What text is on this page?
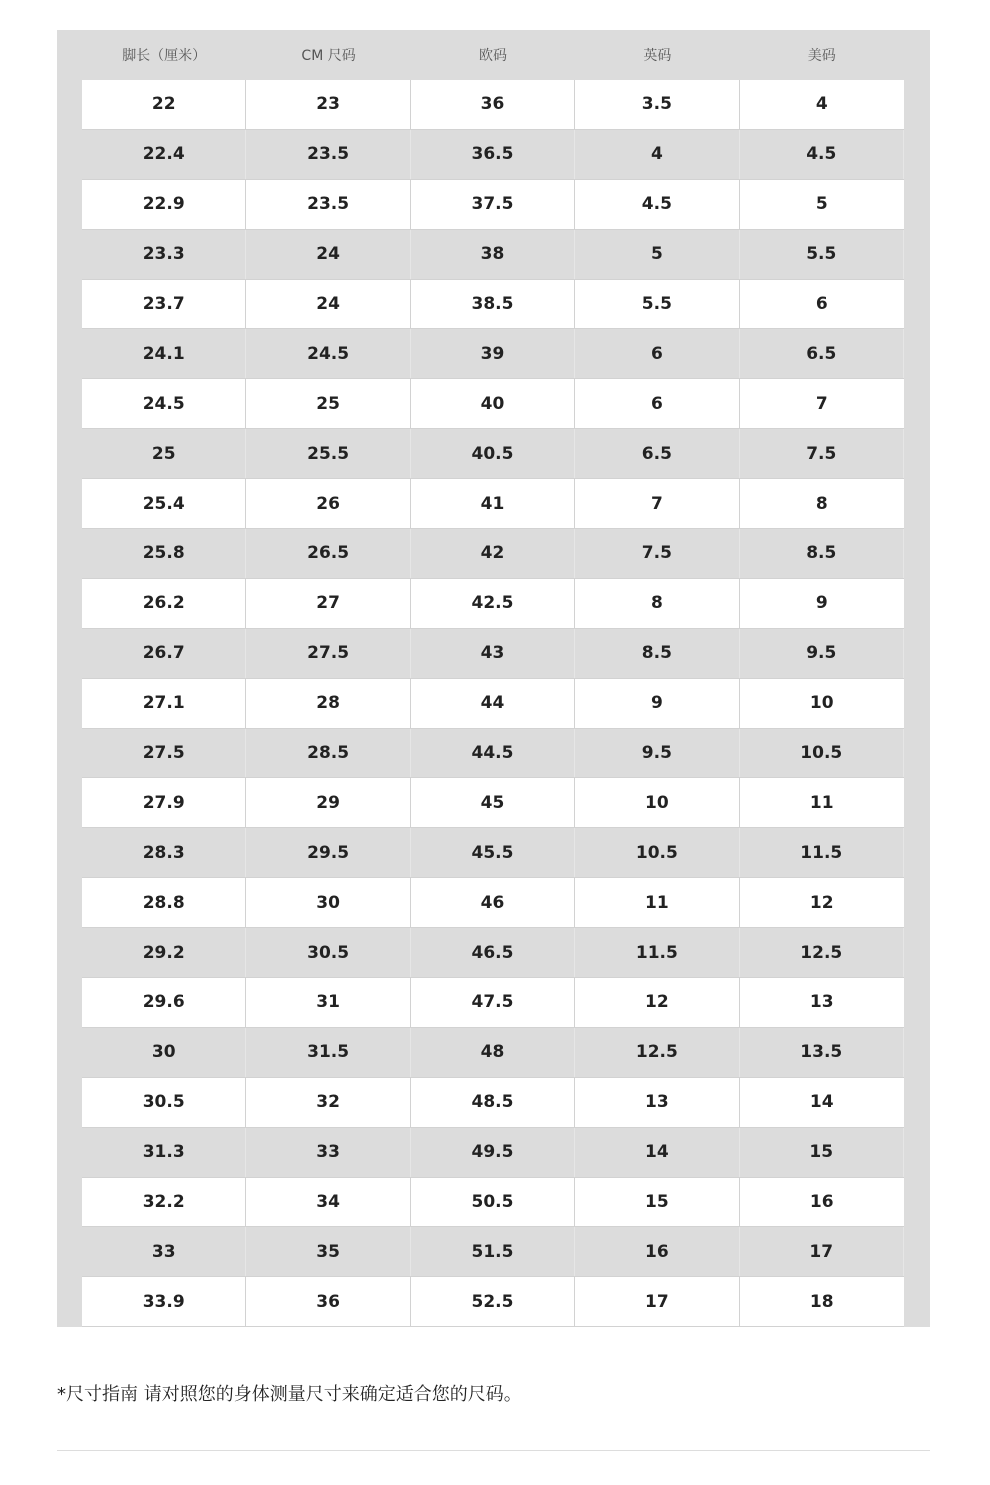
脚长（厘米）	CM 尺码	欧码	英码	美码
22	23	36	3.5	4
22.4	23.5	36.5	4	4.5
22.9	23.5	37.5	4.5	5
23.3	24	38	5	5.5
23.7	24	38.5	5.5	6
24.1	24.5	39	6	6.5
24.5	25	40	6	7
25	25.5	40.5	6.5	7.5
25.4	26	41	7	8
25.8	26.5	42	7.5	8.5
26.2	27	42.5	8	9
26.7	27.5	43	8.5	9.5
27.1	28	44	9	10
27.5	28.5	44.5	9.5	10.5
27.9	29	45	10	11
28.3	29.5	45.5	10.5	11.5
28.8	30	46	11	12
29.2	30.5	46.5	11.5	12.5
29.6	31	47.5	12	13
30	31.5	48	12.5	13.5
30.5	32	48.5	13	14
31.3	33	49.5	14	15
32.2	34	50.5	15	16
33	35	51.5	16	17
33.9	36	52.5	17	18
*尺寸指南 请对照您的身体测量尺寸来确定适合您的尺码。
